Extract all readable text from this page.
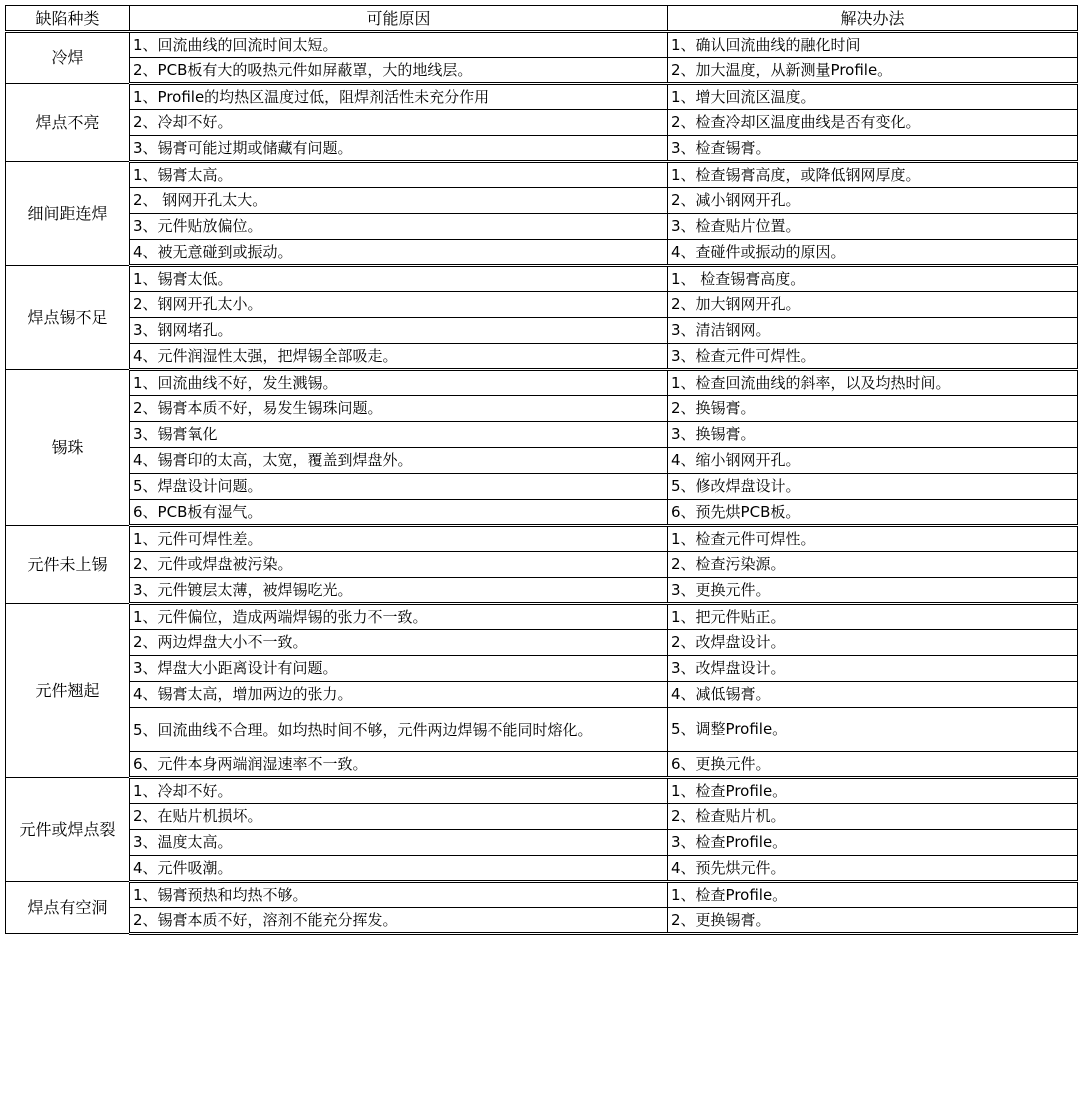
缺陷种类	可能原因	解决办法
冷焊	1、回流曲线的回流时间太短。	1、确认回流曲线的融化时间
	2、PCB板有大的吸热元件如屏蔽罩，大的地线层。	2、加大温度，从新测量Profile。
焊点不亮	1、Profile的均热区温度过低，阻焊剂活性未充分作用	1、增大回流区温度。
	2、冷却不好。	2、检查冷却区温度曲线是否有变化。
	3、锡膏可能过期或储藏有问题。	3、检查锡膏。
细间距连焊	1、锡膏太高。	1、检查锡膏高度，或降低钢网厚度。
	2、 钢网开孔太大。	2、减小钢网开孔。
	3、元件贴放偏位。	3、检查贴片位置。
	4、被无意碰到或振动。	4、查碰件或振动的原因。
焊点锡不足	1、锡膏太低。	1、 检查锡膏高度。
	2、钢网开孔太小。	2、加大钢网开孔。
	3、钢网堵孔。	3、清洁钢网。
	4、元件润湿性太强，把焊锡全部吸走。	3、检查元件可焊性。
锡珠	1、回流曲线不好，发生溅锡。	1、检查回流曲线的斜率，以及均热时间。
	2、锡膏本质不好，易发生锡珠问题。	2、换锡膏。
	3、锡膏氧化	3、换锡膏。
	4、锡膏印的太高，太宽，覆盖到焊盘外。	4、缩小钢网开孔。
	5、焊盘设计问题。	5、修改焊盘设计。
	6、PCB板有湿气。	6、预先烘PCB板。
元件未上锡	1、元件可焊性差。	1、检查元件可焊性。
	2、元件或焊盘被污染。	2、检查污染源。
	3、元件镀层太薄，被焊锡吃光。	3、更换元件。
元件翘起	1、元件偏位，造成两端焊锡的张力不一致。	1、把元件贴正。
	2、两边焊盘大小不一致。	2、改焊盘设计。
	3、焊盘大小距离设计有问题。	3、改焊盘设计。
	4、锡膏太高，增加两边的张力。	4、减低锡膏。
	5、回流曲线不合理。如均热时间不够，元件两边焊锡不能同时熔化。	5、调整Profile。
	6、元件本身两端润湿速率不一致。	6、更换元件。
元件或焊点裂	1、冷却不好。	1、检查Profile。
	2、在贴片机损坏。	2、检查贴片机。
	3、温度太高。	3、检查Profile。
	4、元件吸潮。	4、预先烘元件。
焊点有空洞	1、锡膏预热和均热不够。	1、检查Profile。
	2、锡膏本质不好，溶剂不能充分挥发。	2、更换锡膏。
